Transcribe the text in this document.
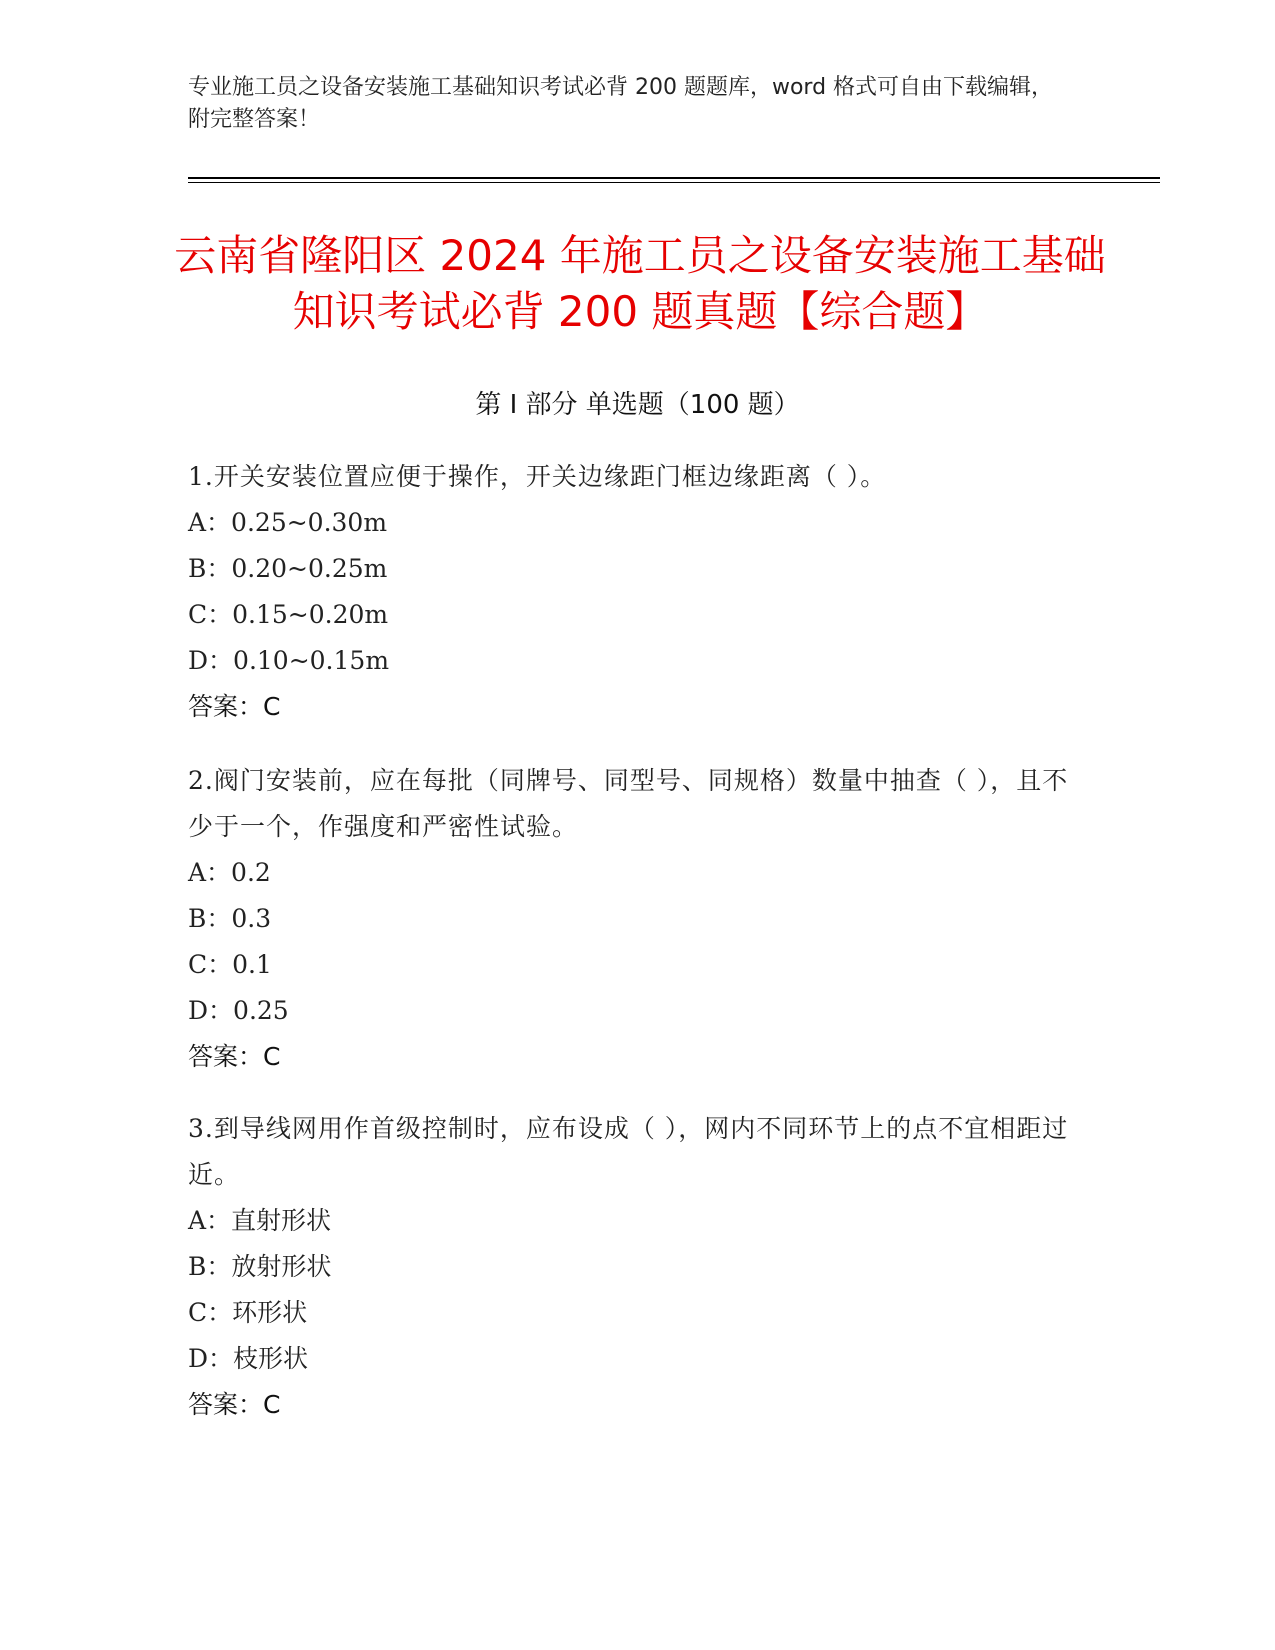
专业施工员之设备安装施工基础知识考试必背 200 题题库，word 格式可自由下载编辑，附完整答案！
云南省隆阳区 2024 年施工员之设备安装施工基础知识考试必背 200 题真题【综合题】
第 I 部分 单选题（100 题）
1.开关安装位置应便于操作，开关边缘距门框边缘距离（ ）。
A：0.25~0.30m
B：0.20~0.25m
C：0.15~0.20m
D：0.10~0.15m
答案：C
2.阀门安装前，应在每批（同牌号、同型号、同规格）数量中抽查（ ），且不少于一个，作强度和严密性试验。
A：0.2
B：0.3
C：0.1
D：0.25
答案：C
3.到导线网用作首级控制时，应布设成（ ），网内不同环节上的点不宜相距过近。
A：直射形状
B：放射形状
C：环形状
D：枝形状
答案：C
